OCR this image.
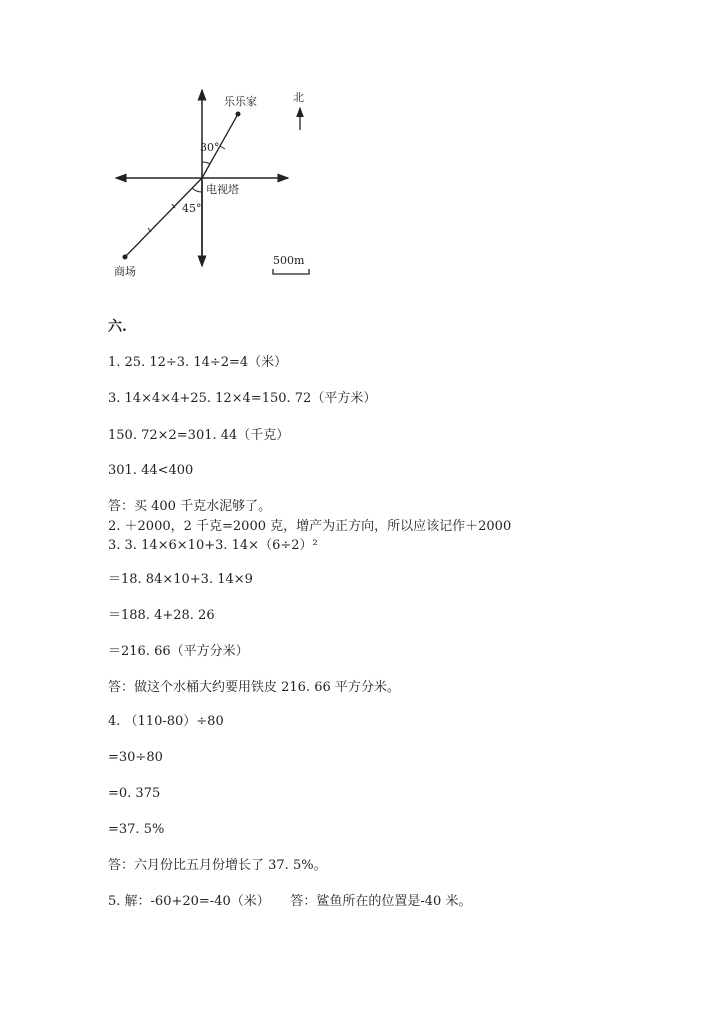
乐乐家	北
30°
电视塔
45°
商场
500m
六.
1. 25. 12÷3. 14÷2=4（米）
3. 14×4×4+25. 12×4=150. 72（平方米）
150. 72×2=301. 44（千克）
301. 44<400
答：买 400 千克水泥够了。
2. ＋2000，2 千克=2000 克，增产为正方向，所以应该记作＋2000
3. 3. 14×6×10+3. 14×（6÷2）²
＝18. 84×10+3. 14×9
＝188. 4+28. 26
＝216. 66（平方分米）
答：做这个水桶大约要用铁皮 216. 66 平方分米。
4. （110-80）÷80
=30÷80
=0. 375
=37. 5%
答：六月份比五月份增长了 37. 5%。
5. 解：-60+20=-40（米）     答：鲨鱼所在的位置是-40 米。
